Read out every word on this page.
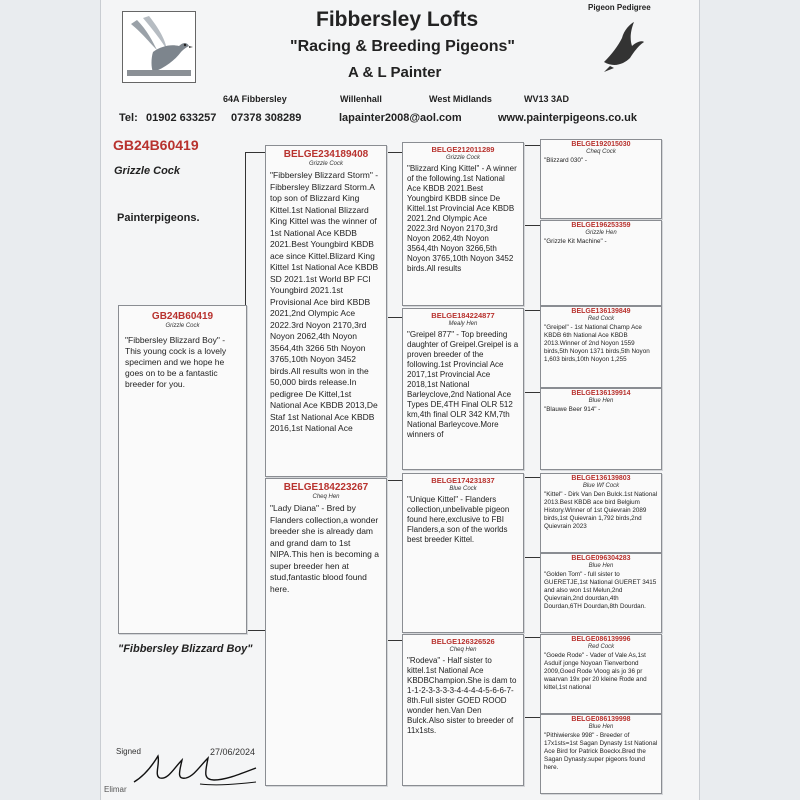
Fibbersley Lofts
"Racing & Breeding Pigeons"
A & L Painter
Pigeon Pedigree
64A Fibbersley	Willenhall	West Midlands	WV13 3AD
Tel: 01902 633257 07378 308289	lapainter2008@aol.com	www.painterpigeons.co.uk
GB24B60419
Grizzle Cock
Painterpigeons.
GB24B60419
Grizzle Cock
"Fibbersley Blizzard Boy" - This young cock is a lovely specimen and we hope he goes on to be a fantastic breeder for you.
BELGE234189408
Grizzle Cock
"Fibbersley Blizzard Storm" - Fibbersley Blizzard Storm.A top son of Blizzard King Kittel.1st National Blizzard King Kittel was the winner of 1st National Ace KBDB 2021.Best Youngbird KBDB ace since Kittel.Blizard King Kittel 1st National Ace KBDB SD 2021.1st World BP FCI Youngbird 2021.1st Provisional Ace bird KBDB 2021,2nd Olympic Ace 2022.3rd Noyon 2170,3rd Noyon 2062,4th Noyon 3564,4th 3266 5th Noyon 3765,10th Noyon 3452 birds.All results won in the 50,000 birds release.In pedigree De Kittel,1st National Ace KBDB 2013,De Staf 1st National Ace KBDB 2016,1st National Ace
BELGE184223267
Cheq Hen
"Lady Diana" - Bred by Flanders collection,a wonder breeder she is already dam and grand dam to 1st NIPA.This hen is becoming a super breeder hen at stud,fantastic blood found here.
BELGE212011289
Grizzle Cock
"Blizzard King Kittel" - A winner of the following.1st National Ace KBDB 2021.Best Youngbird KBDB since De Kittel.1st Provincial Ace KBDB 2021.2nd Olympic Ace 2022.3rd Noyon 2170,3rd Noyon 2062,4th Noyon 3564,4th Noyon 3266,5th Noyon 3765,10th Noyon 3452 birds.All results
BELGE184224877
Mealy Hen
"Greipel 877" - Top breeding daughter of Greipel.Greipel is a proven breeder of the following.1st Provincial Ace 2017,1st Provincial Ace 2018,1st National Barleyclove,2nd National Ace Types DE,4TH Final OLR 512 km,4th final OLR 342 KM,7th National Barleycove.More winners of
BELGE174231837
Blue Cock
"Unique Kittel" - Flanders collection,unbelivable pigeon found here,exclusive to FBI Flanders,a son of the worlds best breeder Kittel.
BELGE126326526
Cheq Hen
"Rodeva" - Half sister to kittel.1st National Ace KBDBChampion.She is dam to 1-1-2-3-3-3-3-4-4-4-4-5-6-6-7-8th.Full sister GOED ROOD wonder hen.Van Den Bulck.Also sister to breeder of 11x1sts.
BELGE192015030
Cheq Cock
"Blizzard 030" -
BELGE196253359
Grizzle Hen
"Grizzle Kit Machine" -
BELGE136139849
Red Cock
"Greipel" - 1st National Champ Ace KBDB 6th National Ace KBDB 2013.Winner of 2nd Noyon 1559 birds,5th Noyon 1371 birds,5th Noyon 1,603 birds,10th Noyon 1,255
BELGE136139914
Blue Hen
"Blauwe Beer 914" -
BELGE136139803
Blue Wf Cock
"Kittel" - Dirk Van Den Bulck.1st National 2013.Best KBDB ace bird Belgium History.Winner of 1st Quievrain 2089 birds,1st Quievrain 1,792 birds,2nd Quievrain 2023
BELGE096304283
Blue Hen
"Golden Tom" - full sister to GUERETJE,1st National GUERET 3415 and also won 1st Melun,2nd Quievrain,2nd dourdan,4th Dourdan,6TH Dourdan,8th Dourdan.
BELGE086139996
Red Cock
"Goede Rode" - Vader of Vale As,1st Asduif jonge Noyoan Tienverbond 2009,Goed Rode Vloog als jo 36 pr waarvan 19x per 20 kleine Rode and kittel,1st national
BELGE086139998
Blue Hen
"Pithiwierske 998" - Breeder of 17x1sts=1st Sagan Dynasty 1st National Ace Bird for Patrick Boeckx.Bred the Sagan Dynasty.super pigeons found here.
"Fibbersley Blizzard Boy"
Signed	27/06/2024
Elimar
